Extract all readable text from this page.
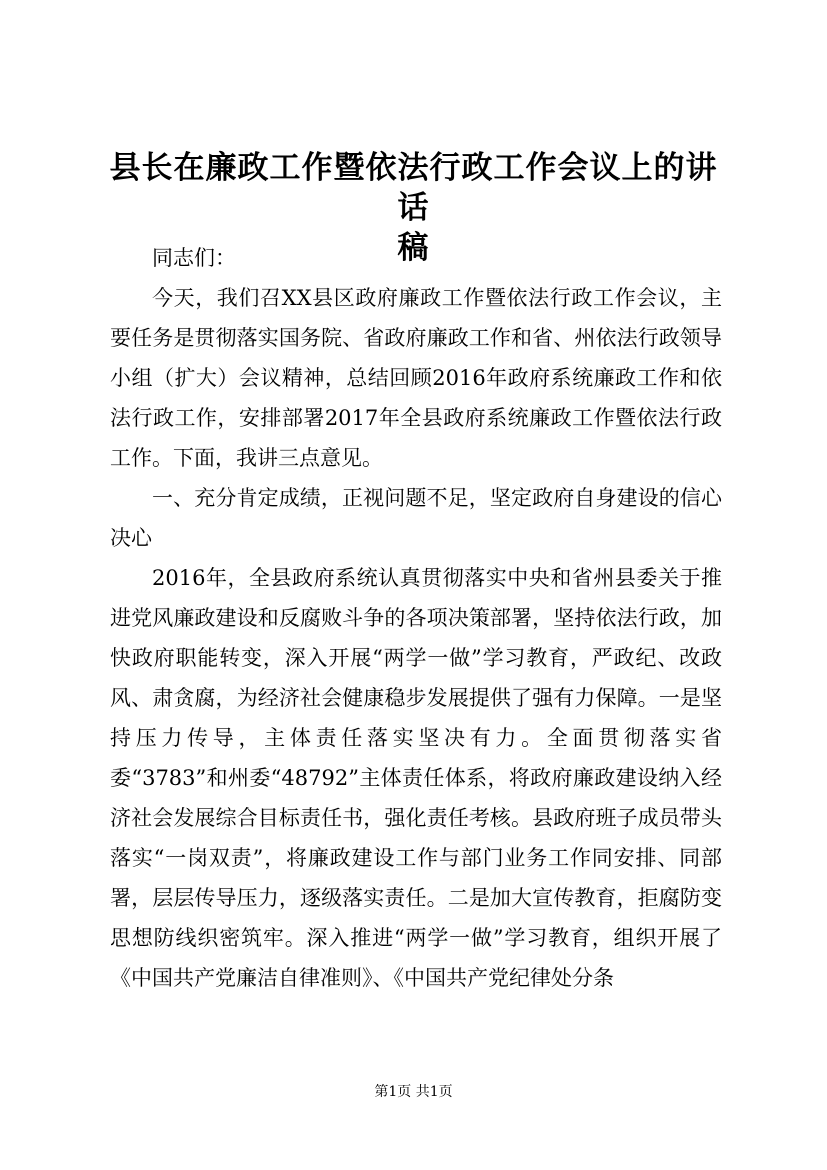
县长在廉政工作暨依法行政工作会议上的讲话
稿

同志们：

今天，我们召XX县区政府廉政工作暨依法行政工作会议，主要任务是贯彻落实国务院、省政府廉政工作和省、州依法行政领导小组（扩大）会议精神，总结回顾2016年政府系统廉政工作和依法行政工作，安排部署2017年全县政府系统廉政工作暨依法行政工作。下面，我讲三点意见。

一、充分肯定成绩，正视问题不足，坚定政府自身建设的信心决心

2016年，全县政府系统认真贯彻落实中央和省州县委关于推进党风廉政建设和反腐败斗争的各项决策部署，坚持依法行政，加快政府职能转变，深入开展“两学一做”学习教育，严政纪、改政风、肃贪腐，为经济社会健康稳步发展提供了强有力保障。一是坚持压力传导，主体责任落实坚决有力。全面贯彻落实省委“3783”和州委“48792”主体责任体系，将政府廉政建设纳入经济社会发展综合目标责任书，强化责任考核。县政府班子成员带头落实“一岗双责”，将廉政建设工作与部门业务工作同安排、同部署，层层传导压力，逐级落实责任。二是加大宣传教育，拒腐防变思想防线织密筑牢。深入推进“两学一做”学习教育，组织开展了《中国共产党廉洁自律准则》、《中国共产党纪律处分条

第1页 共1页
